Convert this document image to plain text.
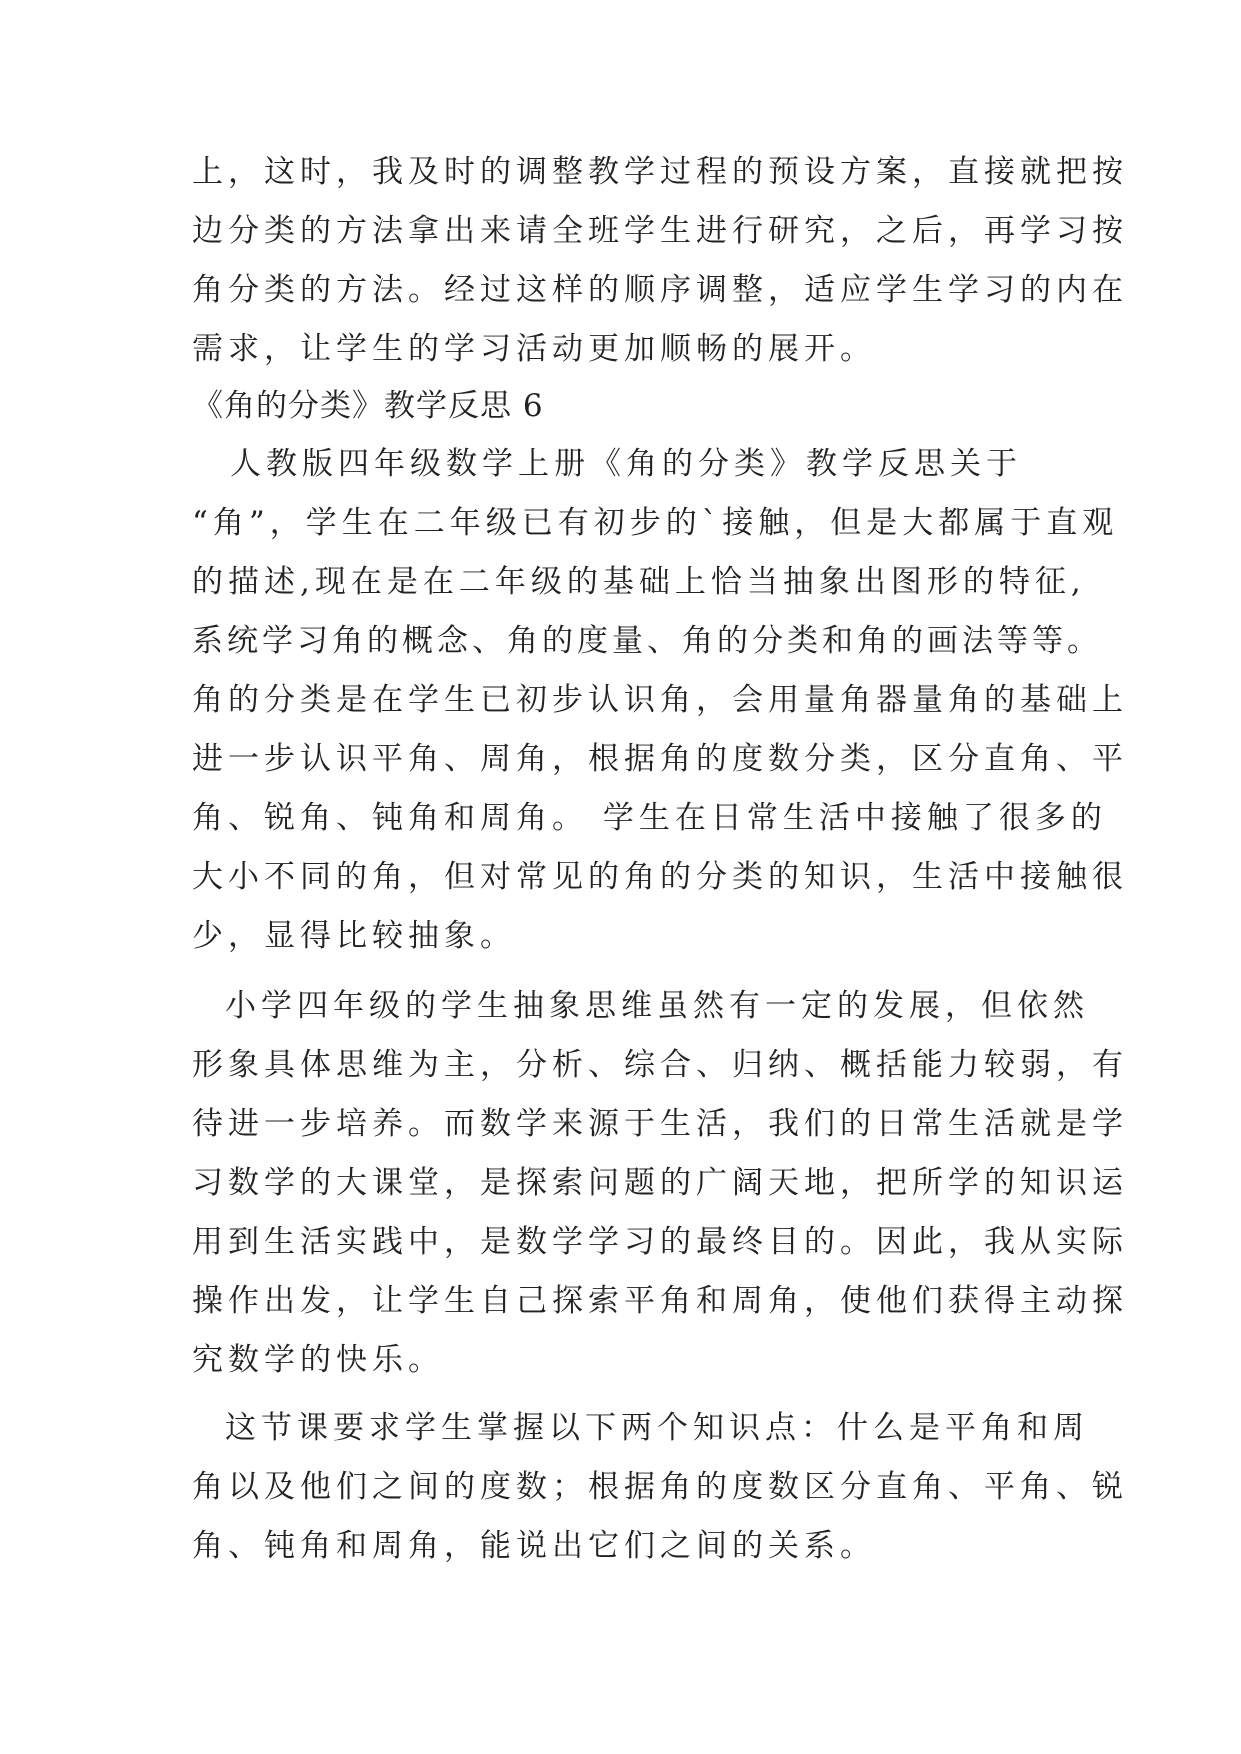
上，这时，我及时的调整教学过程的预设方案，直接就把按
边分类的方法拿出来请全班学生进行研究，之后，再学习按
角分类的方法。经过这样的顺序调整，适应学生学习的内在
需求，让学生的学习活动更加顺畅的展开。
《角的分类》教学反思 6
人教版四年级数学上册《角的分类》教学反思关于
“角”，学生在二年级已有初步的`接触，但是大都属于直观
的描述,现在是在二年级的基础上恰当抽象出图形的特征,
系统学习角的概念、角的度量、角的分类和角的画法等等。
角的分类是在学生已初步认识角，会用量角器量角的基础上
进一步认识平角、周角，根据角的度数分类，区分直角、平
角、锐角、钝角和周角。 学生在日常生活中接触了很多的
大小不同的角，但对常见的角的分类的知识，生活中接触很
少，显得比较抽象。
小学四年级的学生抽象思维虽然有一定的发展，但依然
形象具体思维为主，分析、综合、归纳、概括能力较弱，有
待进一步培养。而数学来源于生活，我们的日常生活就是学
习数学的大课堂，是探索问题的广阔天地，把所学的知识运
用到生活实践中，是数学学习的最终目的。因此，我从实际
操作出发，让学生自己探索平角和周角，使他们获得主动探
究数学的快乐。
这节课要求学生掌握以下两个知识点：什么是平角和周
角以及他们之间的度数；根据角的度数区分直角、平角、锐
角、钝角和周角，能说出它们之间的关系。
